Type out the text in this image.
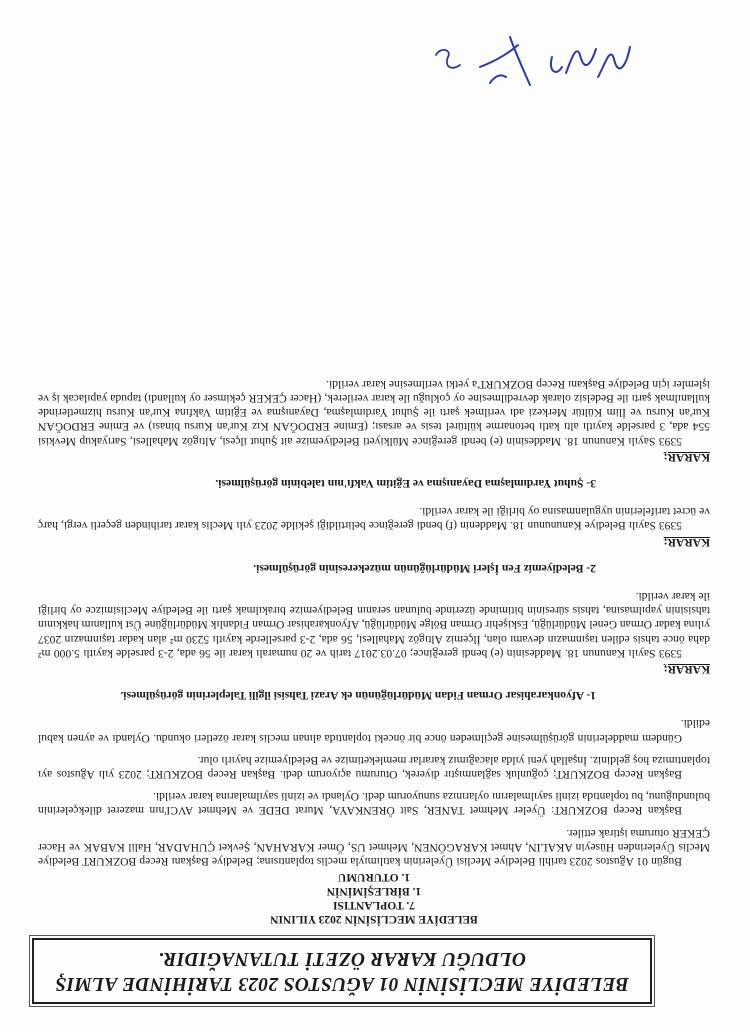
BELEDİYE MECLİSİNİN 01 AĞUSTOS 2023 TARİHİNDE ALMIŞ OLDUĞU KARAR ÖZETİ TUTANAĞIDIR.
BELEDİYE MECLİSİNİN 2023 YILININ
7. TOPLANTISI
1. BİRLEŞİMİNİN
1. OTURUMU

Bugün 01 Ağustos 2023 tarihli Belediye Meclisi Üyelerinin katılımıyla meclis toplantısına; Belediye Başkanı Recep BOZKURT Belediye Meclis Üyelerinden Hüseyin AKALIN, Ahmet KARAGÖNEN, Mehmet US, Ömer KARAHAN, Şevket ÇUHADAR, Halil KABAK ve Hacer ÇEKER oturuma iştirak ettiler.

Başkan Recep BOZKURT: Üyeler Mehmet TANER, Sait ÖRENKAYA, Murat DEDE ve Mehmet AVCI'nın mazeret dilekçelerinin bulunduğunu, bu toplantıda izinli sayılmalarını oylarınıza sunuyorum dedi. Oylandı ve izinli sayılmalarına karar verildi.

Başkan Recep BOZKURT; çoğunluk sağlanmıştır diyerek, Oturumu açıyorum dedi. Başkan Recep BOZKURT; 2023 yılı Ağustos ayı toplantımıza hoş geldiniz. İnşallah yeni yılda alacağımız kararlar memleketimize ve Belediyemize hayırlı olur.

Gündem maddelerinin görüşülmesine geçilmeden önce bir önceki toplantıda alınan meclis karar özetleri okundu. Oylandı ve aynen kabul edildi.

1- Afyonkarahisar Orman Fidan Müdürlüğünün ek Arazi Tahsisi ilgili Taleplerinin görüşülmesi.

KARAR;

5393 Sayılı Kanunun 18. Maddesinin (e) bendi gereğince; 07.03.2017 tarih ve 20 numaralı karar ile 56 ada, 2-3 parselde kayıtlı 5.000 m² daha önce tahsis edilen taşınmazın devamı olan, İlçemiz Altıgöz Mahallesi, 56 ada, 2-3 parsellerde kayıtlı 5230 m² alan kadar taşınmazın 2037 yılına kadar Orman Genel Müdürlüğü, Eskişehir Orman Bölge Müdürlüğü, Afyonkarahisar Orman Fidanlık Müdürlüğüne Üst kullanım hakkının tahsisinin yapılmasına, tahsis süresinin bitiminde üzerinde bulunan seranın Belediyemize bırakılmak şartı ile Belediye Meclisimizce oy birliği ile karar verildi.

2- Belediyemiz Fen İşleri Müdürlüğünün müzekeresinin görüşülmesi.

KARAR;

5393 Sayılı Belediye Kanununun 18. Maddenin (f) bendi gereğince belirtildiği şekilde 2023 yılı Meclis karar tarihinden geçerli vergi, harç ve ücret tarifelerinin uygulanmasına oy birliği ile karar verildi.

3- Şuhut Yardımlaşma Dayanışma ve Eğitim Vakfı'nın talebinin görüşülmesi.

KARAR;

5393 Sayılı Kanunun 18. Maddesinin (e) bendi gereğince Mülkiyeti Belediyemize ait Şuhut ilçesi, Altıgöz Mahallesi, Sarıyakup Mevkisi 554 ada, 3 parselde kayıtlı altı katlı betonarme kültürel tesis ve arsası; (Emine ERDOĞAN Kız Kur'an Kursu binası) ve Emine ERDOĞAN Kur'an Kursu ve İlim Kültür Merkezi adı verilmek şartı ile Şuhut Yardımlaşma, Dayanışma ve Eğitim Vakfına Kur'an Kursu hizmetlerinde kullanılmak şartı ile Bedelsiz olarak devredilmesine oy çokluğu ile karar verilerek, (Hacer ÇEKER çekimser oy kullandı) tapuda yapılacak iş ve işlemler için Belediye Başkanı Recep BOZKURT'a yetki verilmesine karar verildi.
